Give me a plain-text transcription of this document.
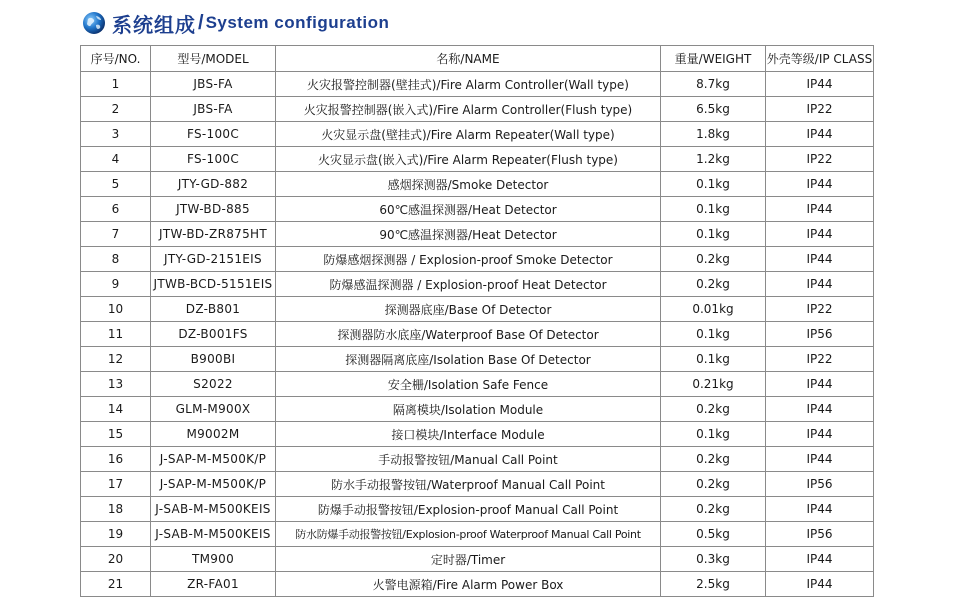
系统组成 / System configuration
序号/NO.	型号/MODEL	名称/NAME	重量/WEIGHT	外壳等级/IP CLASS
1	JBS-FA	火灾报警控制器(壁挂式)/Fire Alarm Controller(Wall type)	8.7kg	IP44
2	JBS-FA	火灾报警控制器(嵌入式)/Fire Alarm Controller(Flush type)	6.5kg	IP22
3	FS-100C	火灾显示盘(壁挂式)/Fire Alarm Repeater(Wall type)	1.8kg	IP44
4	FS-100C	火灾显示盘(嵌入式)/Fire Alarm Repeater(Flush type)	1.2kg	IP22
5	JTY-GD-882	感烟探测器/Smoke Detector	0.1kg	IP44
6	JTW-BD-885	60℃感温探测器/Heat Detector	0.1kg	IP44
7	JTW-BD-ZR875HT	90℃感温探测器/Heat Detector	0.1kg	IP44
8	JTY-GD-2151EIS	防爆感烟探测器 / Explosion-proof Smoke Detector	0.2kg	IP44
9	JTWB-BCD-5151EIS	防爆感温探测器 / Explosion-proof Heat Detector	0.2kg	IP44
10	DZ-B801	探测器底座/Base Of Detector	0.01kg	IP22
11	DZ-B001FS	探测器防水底座/Waterproof Base Of Detector	0.1kg	IP56
12	B900BI	探测器隔离底座/Isolation Base Of Detector	0.1kg	IP22
13	S2022	安全栅/Isolation Safe Fence	0.21kg	IP44
14	GLM-M900X	隔离模块/Isolation Module	0.2kg	IP44
15	M9002M	接口模块/Interface Module	0.1kg	IP44
16	J-SAP-M-M500K/P	手动报警按钮/Manual Call Point	0.2kg	IP44
17	J-SAP-M-M500K/P	防水手动报警按钮/Waterproof Manual Call Point	0.2kg	IP56
18	J-SAB-M-M500KEIS	防爆手动报警按钮/Explosion-proof Manual Call Point	0.2kg	IP44
19	J-SAB-M-M500KEIS	防水防爆手动报警按钮/Explosion-proof Waterproof Manual Call Point	0.5kg	IP56
20	TM900	定时器/Timer	0.3kg	IP44
21	ZR-FA01	火警电源箱/Fire Alarm Power Box	2.5kg	IP44
